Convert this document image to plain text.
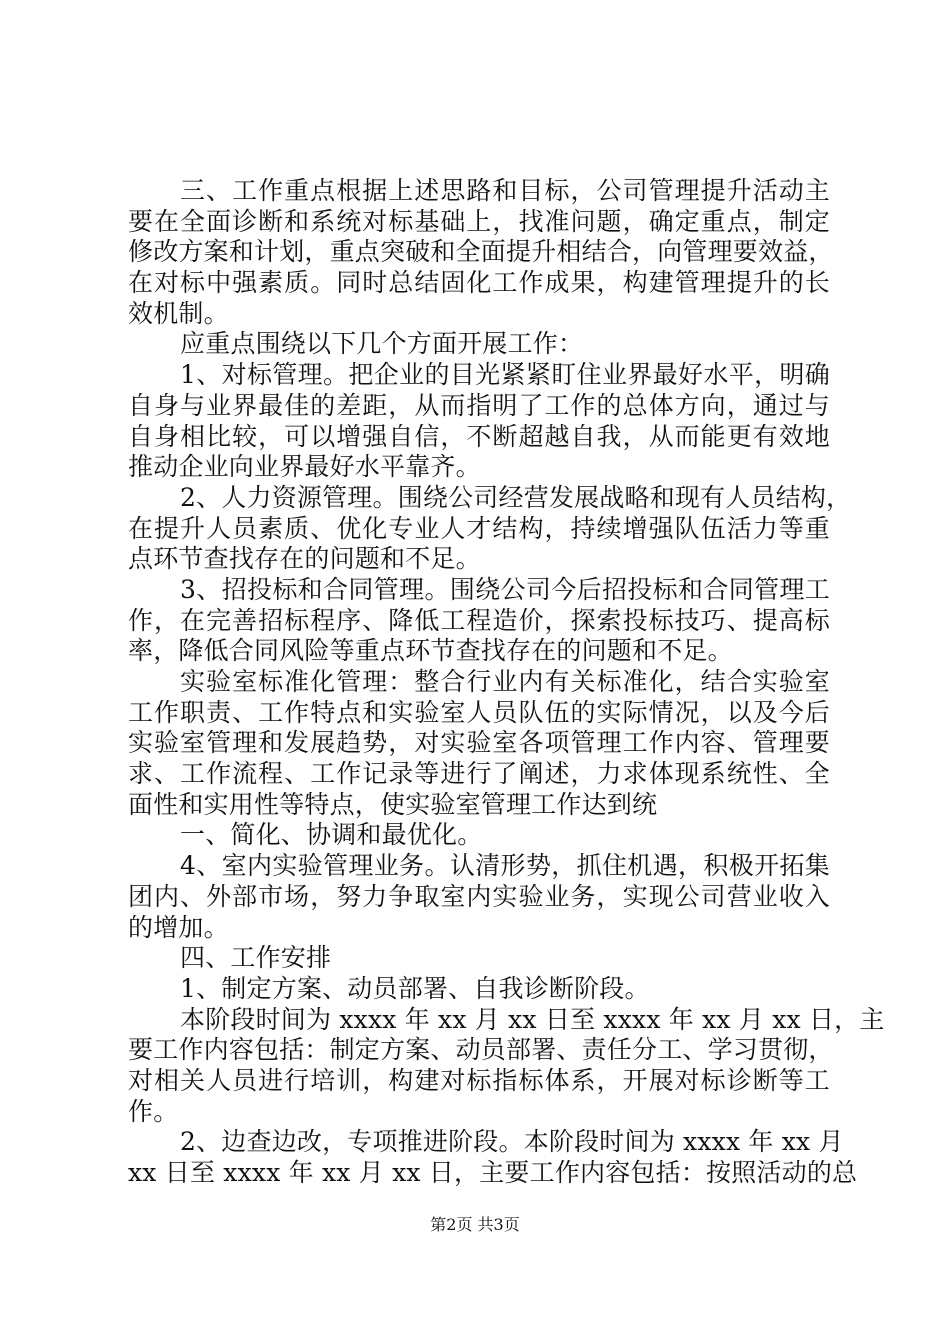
三、工作重点根据上述思路和目标，公司管理提升活动主
要在全面诊断和系统对标基础上，找准问题，确定重点，制定
修改方案和计划，重点突破和全面提升相结合，向管理要效益，
在对标中强素质。同时总结固化工作成果，构建管理提升的长
效机制。
应重点围绕以下几个方面开展工作：
1、对标管理。把企业的目光紧紧盯住业界最好水平，明确
自身与业界最佳的差距，从而指明了工作的总体方向，通过与
自身相比较，可以增强自信，不断超越自我，从而能更有效地
推动企业向业界最好水平靠齐。
2、人力资源管理。围绕公司经营发展战略和现有人员结构，
在提升人员素质、优化专业人才结构，持续增强队伍活力等重
点环节查找存在的问题和不足。
3、招投标和合同管理。围绕公司今后招投标和合同管理工
作，在完善招标程序、降低工程造价，探索投标技巧、提高标
率，降低合同风险等重点环节查找存在的问题和不足。
实验室标准化管理：整合行业内有关标准化，结合实验室
工作职责、工作特点和实验室人员队伍的实际情况，以及今后
实验室管理和发展趋势，对实验室各项管理工作内容、管理要
求、工作流程、工作记录等进行了阐述，力求体现系统性、全
面性和实用性等特点，使实验室管理工作达到统
一、简化、协调和最优化。
4、室内实验管理业务。认清形势，抓住机遇，积极开拓集
团内、外部市场，努力争取室内实验业务，实现公司营业收入
的增加。
四、工作安排
1、制定方案、动员部署、自我诊断阶段。
本阶段时间为 xxxx 年 xx 月 xx 日至 xxxx 年 xx 月 xx 日，主
要工作内容包括：制定方案、动员部署、责任分工、学习贯彻，
对相关人员进行培训，构建对标指标体系，开展对标诊断等工
作。
2、边查边改，专项推进阶段。本阶段时间为 xxxx 年 xx 月
xx 日至 xxxx 年 xx 月 xx 日，主要工作内容包括：按照活动的总
第2页 共3页
